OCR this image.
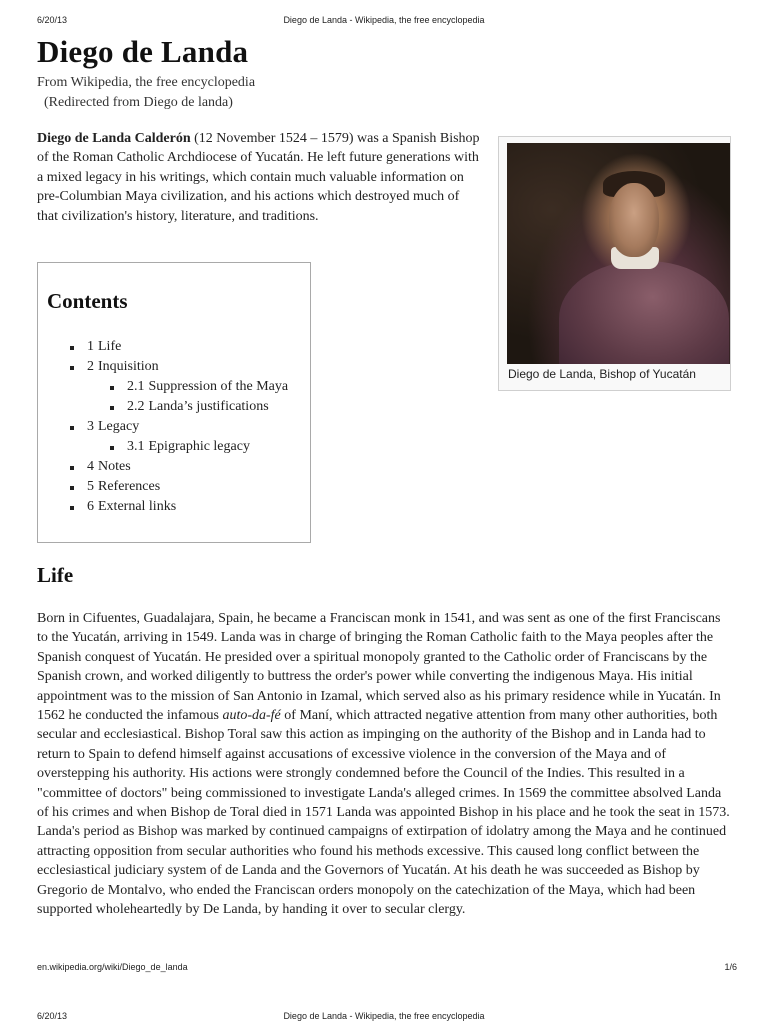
6/20/13	Diego de Landa - Wikipedia, the free encyclopedia
Diego de Landa
From Wikipedia, the free encyclopedia
(Redirected from Diego de landa)
Diego de Landa Calderón (12 November 1524 – 1579) was a Spanish Bishop of the Roman Catholic Archdiocese of Yucatán. He left future generations with a mixed legacy in his writings, which contain much valuable information on pre-Columbian Maya civilization, and his actions which destroyed much of that civilization's history, literature, and traditions.
Diego de Landa, Bishop of Yucatán
Contents
1 Life
2 Inquisition
2.1 Suppression of the Maya
2.2 Landa’s justifications
3 Legacy
3.1 Epigraphic legacy
4 Notes
5 References
6 External links
Life
Born in Cifuentes, Guadalajara, Spain, he became a Franciscan monk in 1541, and was sent as one of the first Franciscans to the Yucatán, arriving in 1549. Landa was in charge of bringing the Roman Catholic faith to the Maya peoples after the Spanish conquest of Yucatán. He presided over a spiritual monopoly granted to the Catholic order of Franciscans by the Spanish crown, and worked diligently to buttress the order's power while converting the indigenous Maya. His initial appointment was to the mission of San Antonio in Izamal, which served also as his primary residence while in Yucatán. In 1562 he conducted the infamous auto-da-fé of Maní, which attracted negative attention from many other authorities, both secular and ecclesiastical. Bishop Toral saw this action as impinging on the authority of the Bishop and in Landa had to return to Spain to defend himself against accusations of excessive violence in the conversion of the Maya and of overstepping his authority. His actions were strongly condemned before the Council of the Indies. This resulted in a "committee of doctors" being commissioned to investigate Landa's alleged crimes. In 1569 the committee absolved Landa of his crimes and when Bishop de Toral died in 1571 Landa was appointed Bishop in his place and he took the seat in 1573. Landa's period as Bishop was marked by continued campaigns of extirpation of idolatry among the Maya and he continued attracting opposition from secular authorities who found his methods excessive. This caused long conflict between the ecclesiastical judiciary system of de Landa and the Governors of Yucatán. At his death he was succeeded as Bishop by Gregorio de Montalvo, who ended the Franciscan orders monopoly on the catechization of the Maya, which had been supported wholeheartedly by De Landa, by handing it over to secular clergy.
en.wikipedia.org/wiki/Diego_de_landa	1/6
6/20/13	Diego de Landa - Wikipedia, the free encyclopedia
